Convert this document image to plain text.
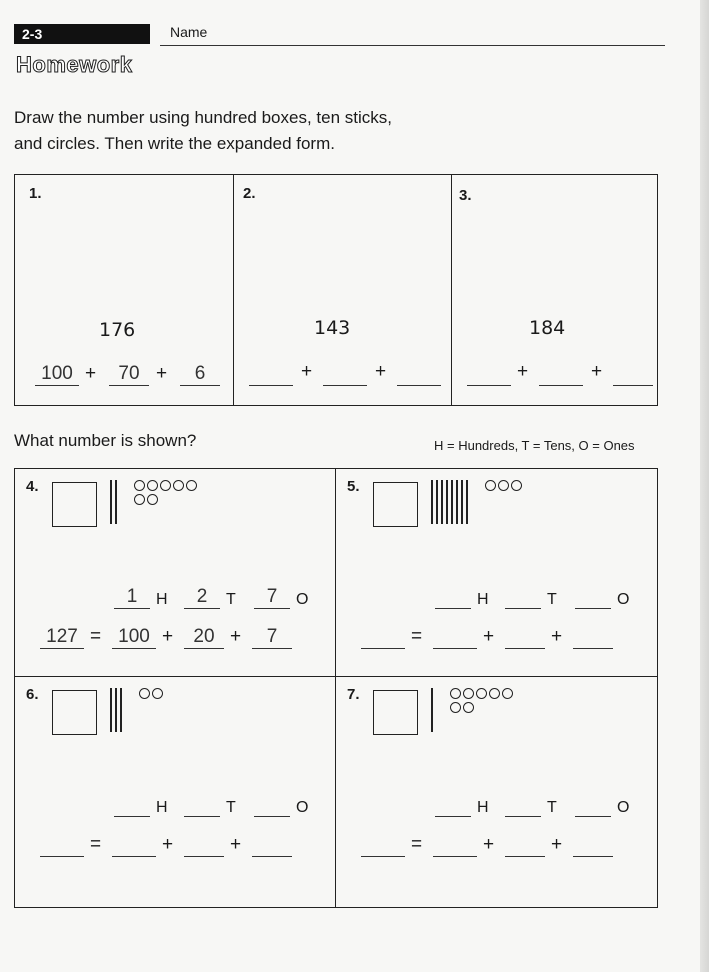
2-3	Name
Homework
Draw the number using hundred boxes, ten sticks,
and circles. Then write the expanded form.
1.
176
100 +	70 +	6
2.
143
+	+
3.
184
+	+
What number is shown?	H = Hundreds, T = Tens, O = Ones
4.
1	H	2	T	7	O
127 = 100 +	20 +	7
5.
H	T	O
=	+	+
6.
H	T	O
=	+	+
7.
H	T	O
=	+	+
